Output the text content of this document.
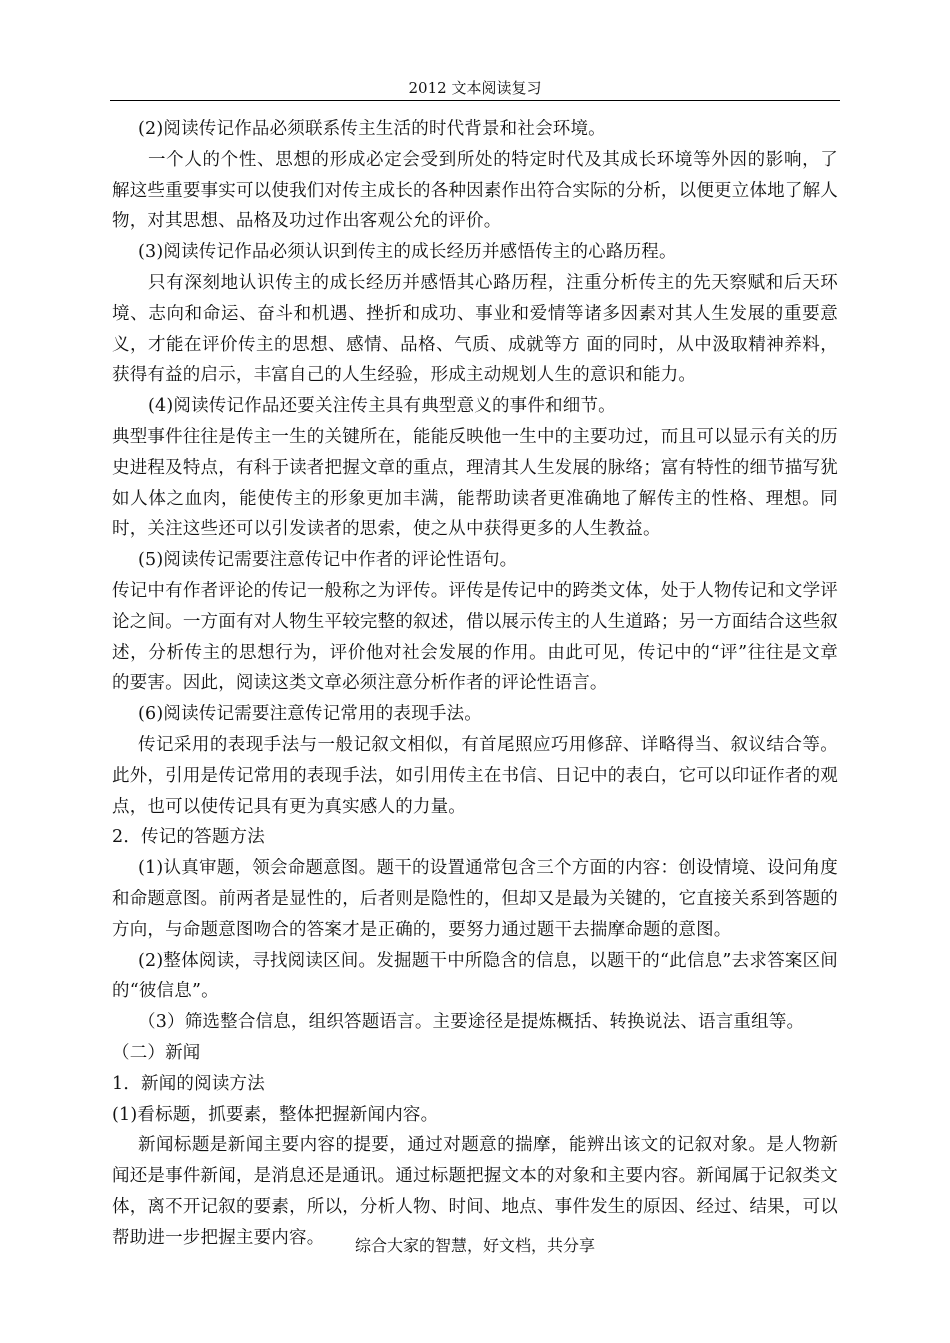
2012 文本阅读复习

(2)阅读传记作品必须联系传主生活的时代背景和社会环境。

一个人的个性、思想的形成必定会受到所处的特定时代及其成长环境等外因的影响，了解这些重要事实可以使我们对传主成长的各种因素作出符合实际的分析，以便更立体地了解人物，对其思想、品格及功过作出客观公允的评价。

(3)阅读传记作品必须认识到传主的成长经历并感悟传主的心路历程。

只有深刻地认识传主的成长经历并感悟其心路历程，注重分析传主的先天察赋和后天环境、志向和命运、奋斗和机遇、挫折和成功、事业和爱情等诸多因素对其人生发展的重要意义，才能在评价传主的思想、感情、品格、气质、成就等方 面的同时，从中汲取精神养料，获得有益的启示，丰富自己的人生经验，形成主动规划人生的意识和能力。

(4)阅读传记作品还要关注传主具有典型意义的事件和细节。

典型事件往往是传主一生的关键所在，能能反映他一生中的主要功过，而且可以显示有关的历史进程及特点，有科于读者把握文章的重点，理清其人生发展的脉络；富有特性的细节描写犹如人体之血肉，能使传主的形象更加丰满，能帮助读者更准确地了解传主的性格、理想。同时，关注这些还可以引发读者的思索，使之从中获得更多的人生教益。

(5)阅读传记需要注意传记中作者的评论性语句。

传记中有作者评论的传记一般称之为评传。评传是传记中的跨类文体，处于人物传记和文学评论之间。一方面有对人物生平较完整的叙述，借以展示传主的人生道路；另一方面结合这些叙述，分析传主的思想行为，评价他对社会发展的作用。由此可见，传记中的“评”往往是文章的要害。因此，阅读这类文章必须注意分析作者的评论性语言。

(6)阅读传记需要注意传记常用的表现手法。

传记采用的表现手法与一般记叙文相似，有首尾照应巧用修辞、详略得当、叙议结合等。此外，引用是传记常用的表现手法，如引用传主在书信、日记中的表白，它可以印证作者的观点，也可以使传记具有更为真实感人的力量。

2．传记的答题方法

(1)认真审题，领会命题意图。题干的设置通常包含三个方面的内容：创设情境、设问角度和命题意图。前两者是显性的，后者则是隐性的，但却又是最为关键的，它直接关系到答题的方向，与命题意图吻合的答案才是正确的，要努力通过题干去揣摩命题的意图。

(2)整体阅读，寻找阅读区间。发掘题干中所隐含的信息，以题干的“此信息”去求答案区间的“彼信息”。

（3）筛选整合信息，组织答题语言。主要途径是提炼概括、转换说法、语言重组等。

（二）新闻

1．新闻的阅读方法

(1)看标题，抓要素，整体把握新闻内容。

新闻标题是新闻主要内容的提要，通过对题意的揣摩，能辨出该文的记叙对象。是人物新闻还是事件新闻，是消息还是通讯。通过标题把握文本的对象和主要内容。新闻属于记叙类文体，离不开记叙的要素，所以，分析人物、时间、地点、事件发生的原因、经过、结果，可以帮助进一步把握主要内容。	综合大家的智慧，好文档，共分享
